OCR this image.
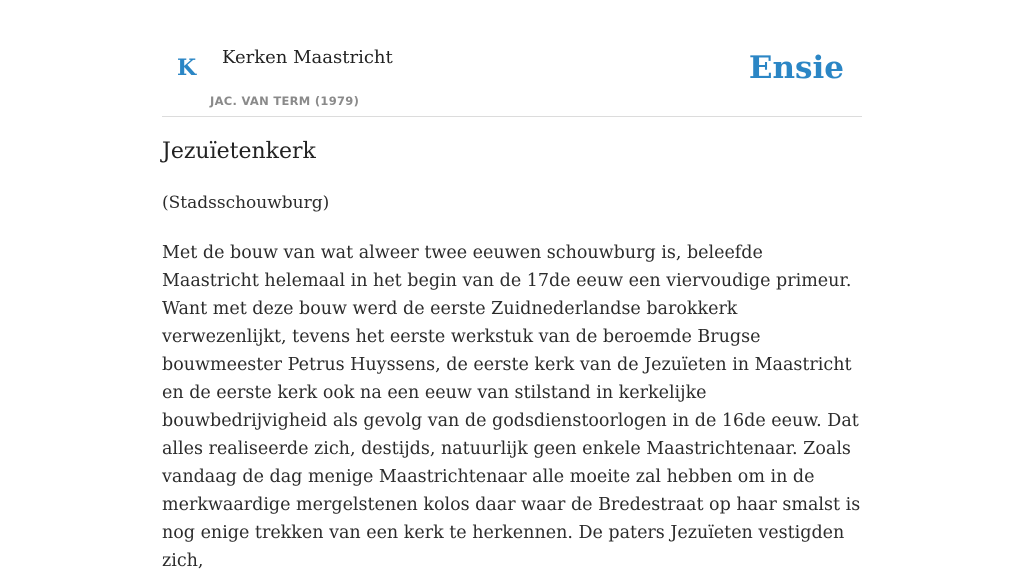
K Kerken Maastricht
JAC. VAN TERM (1979)
Ensie
Jezuïetenkerk

(Stadsschouwburg)

Met de bouw van wat alweer twee eeuwen schouwburg is, beleefde Maastricht helemaal in het begin van de 17de eeuw een viervoudige primeur. Want met deze bouw werd de eerste Zuidnederlandse barokkerk verwezenlijkt, tevens het eerste werkstuk van de beroemde Brugse bouwmeester Petrus Huyssens, de eerste kerk van de Jezuïeten in Maastricht en de eerste kerk ook na een eeuw van stilstand in kerkelijke bouwbedrijvigheid als gevolg van de godsdienstoorlogen in de 16de eeuw. Dat alles realiseerde zich, destijds, natuurlijk geen enkele Maastrichtenaar. Zoals vandaag de dag menige Maastrichtenaar alle moeite zal hebben om in de merkwaardige mergelstenen kolos daar waar de Bredestraat op haar smalst is nog enige trekken van een kerk te herkennen. De paters Jezuïeten vestigden zich,
